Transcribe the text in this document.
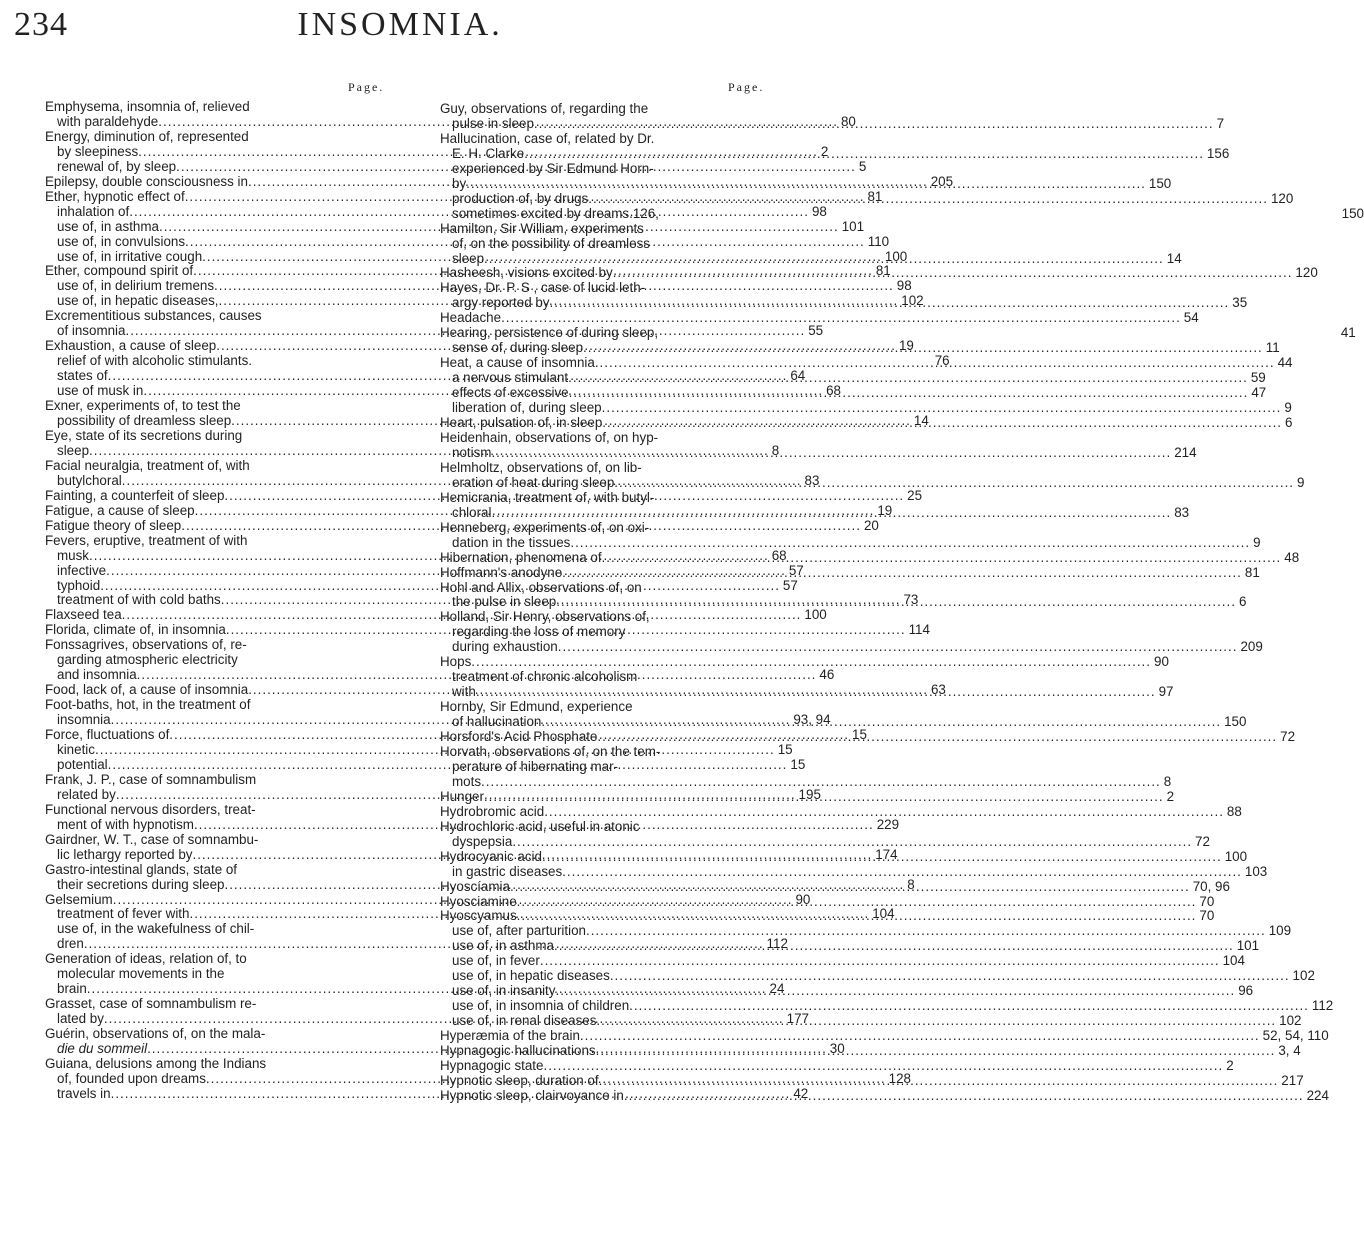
234	INSOMNIA.
Page.	Page.
Emphysema, insomnia of, relieved
with paraldehyde .....	80
Energy, diminution of, represented
by sleepiness .....	2
renewal of, by sleep .....	5
Epilepsy, double consciousness in .....	205
Ether, hypnotic effect of .....	81
inhalation of .....	98
use of, in asthma .....	101
use of, in convulsions .....	110
use of, in irritative cough .....	100
Ether, compound spirit of .....	81
use of, in delirium tremens .....	98
use of, in hepatic diseases, .....	102
Excrementitious substances, causes
of insomnia .....	55
Exhaustion, a cause of sleep .....	19
relief of with alcoholic stimulants.	76
states of .....	64
use of musk in .....	68
Exner, experiments of, to test the
possibility of dreamless sleep .....	14
Eye, state of its secretions during
sleep .....	8
Facial neuralgia, treatment of, with
butylchoral .....	83
Fainting, a counterfeit of sleep .....	25
Fatigue, a cause of sleep .....	19
Fatigue theory of sleep .....	20
Fevers, eruptive, treatment of with
musk .....	68
infective .....	57
typhoid .....	57
treatment of with cold baths .....	73
Flaxseed tea .....	100
Florida, climate of, in insomnia .....	114
Fonssagrives, observations of, re-
garding atmospheric electricity
and insomnia .....	46
Food, lack of, a cause of insomnia .....	63
Foot-baths, hot, in the treatment of
insomnia .....	93, 94
Force, fluctuations of .....	15
kinetic .....	15
potential .....	15
Frank, J. P., case of somnambulism
related by .....	195
Functional nervous disorders, treat-
ment of with hypnotism .....	229
Gairdner, W. T., case of somnambu-
lic lethargy reported by .....	174
Gastro-intestinal glands, state of
their secretions during sleep .....	8
Gelsemium .....	90
treatment of fever with .....	104
use of, in the wakefulness of chil-
dren .....	112
Generation of ideas, relation of, to
molecular movements in the
brain .....	24
Grasset, case of somnambulism re-
lated by .....	177
Guérin, observations of, on the mala-
die du sommeil .....	30
Guiana, delusions among the Indians
of, founded upon dreams .....	128
travels in .....	42
Guy, observations of, regarding the
pulse in sleep .....	7
Hallucination, case of, related by Dr.
E. H. Clarke .....	156
experienced by Sir Edmund Horn-
by .....	150
production of, by drugs .....	120
sometimes excited by dreams.126,	150
Hamilton, Sir William, experiments
of, on the possibility of dreamless
sleep .....	14
Hasheesh, visions excited by .....	120
Hayes, Dr. P. S , case of lucid leth-
argy reported by .....	35
Headache .....	54
Hearing, persistence of during sleep,	41
sense of, during sleep .....	11
Heat, a cause of insomnia .....	44
a nervous stimulant .....	59
effects of excessive .....	47
liberation of, during sleep .....	9
Heart, pulsation of, in sleep .....	6
Heidenhain, observations of, on hyp-
notism .....	214
Helmholtz, observations of, on lib-
eration of heat during sleep .....	9
Hemicrania, treatment of, with butyl-
chloral .....	83
Henneberg, experiments of, on oxi-
dation in the tissues .....	9
Hibernation, phenomena of .....	48
Hoffmann's anodyne .....	81
Hohl and Allix, observations of, on
the pulse in sleep .....	6
Holland, Sir Henry, observations of,
regarding the loss of memory
during exhaustion .....	209
Hops .....	90
treatment of chronic alcoholism
with .....	97
Hornby, Sir Edmund, experience
of hallucination .....	150
Horsford's Acid Phosphate .....	72
Horvath, observations of, on the tem-
perature of hibernating mar-
mots .....	8
Hunger .....	2
Hydrobromic acid .....	88
Hydrochloric acid, useful in atonic
dyspepsia .....	72
Hydrocyanic acid .....	100
in gastric diseases .....	103
Hyoscíamia .....	70, 96
Hyosciamine .....	70
Hyoscyamus .....	70
use of, after parturition .....	109
use of, in asthma .....	101
use of, in fever .....	104
use of, in hepatic diseases .....	102
use of, in insanity .....	96
use of, in insomnia of children .....	112
use of, in renal diseases .....	102
Hyperæmia of the brain .....	52, 54, 110
Hypnagogic hallucinations .....	3, 4
Hypnagogic state .....	2
Hypnotic sleep, duration of .....	217
Hypnotic sleep, clairvoyance in .....	224
